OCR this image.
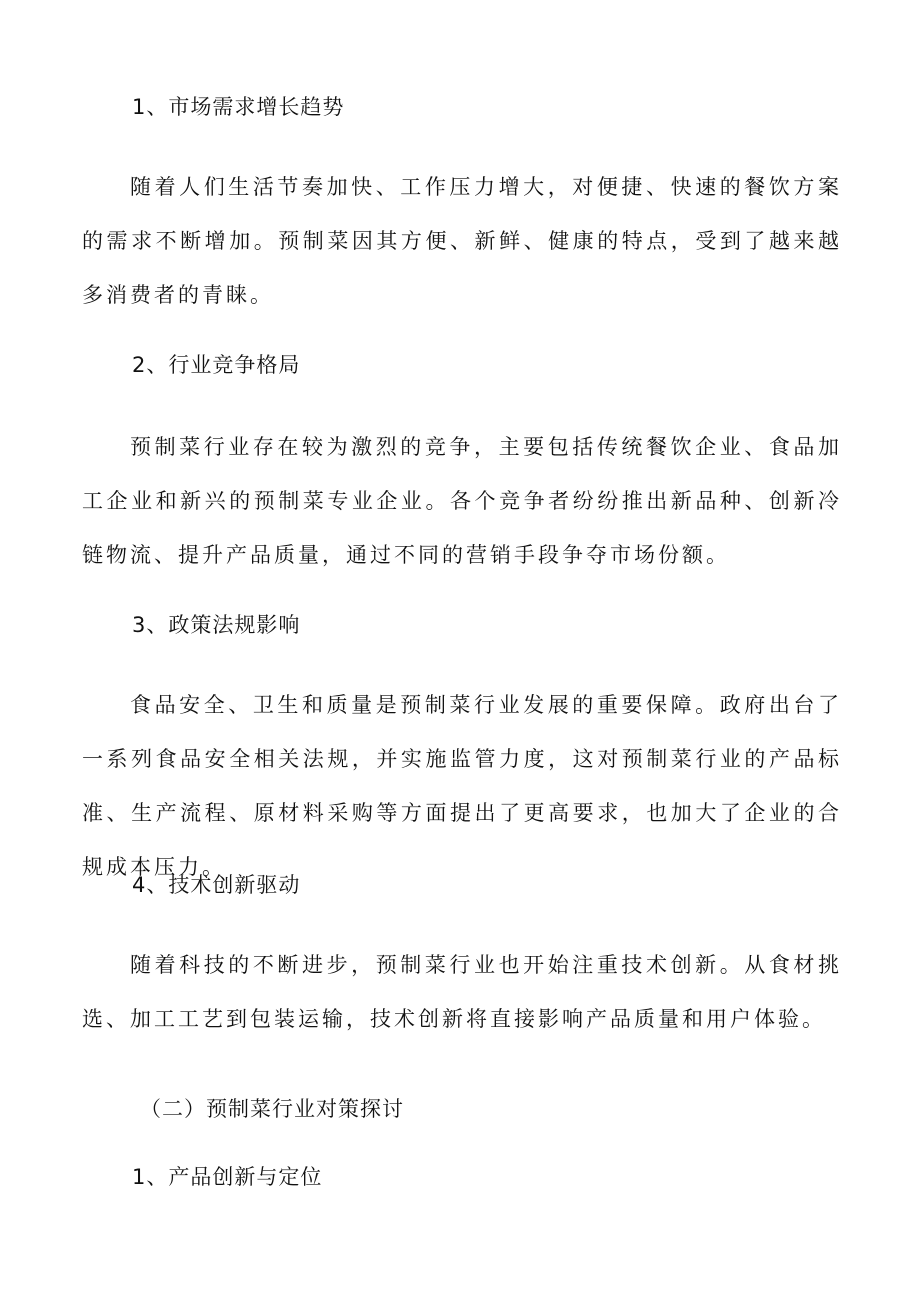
1、市场需求增长趋势
随着人们生活节奏加快、工作压力增大，对便捷、快速的餐饮方案的需求不断增加。预制菜因其方便、新鲜、健康的特点，受到了越来越多消费者的青睐。
2、行业竞争格局
预制菜行业存在较为激烈的竞争，主要包括传统餐饮企业、食品加工企业和新兴的预制菜专业企业。各个竞争者纷纷推出新品种、创新冷链物流、提升产品质量，通过不同的营销手段争夺市场份额。
3、政策法规影响
食品安全、卫生和质量是预制菜行业发展的重要保障。政府出台了一系列食品安全相关法规，并实施监管力度，这对预制菜行业的产品标准、生产流程、原材料采购等方面提出了更高要求，也加大了企业的合规成本压力。
4、技术创新驱动
随着科技的不断进步，预制菜行业也开始注重技术创新。从食材挑选、加工工艺到包装运输，技术创新将直接影响产品质量和用户体验。
（二）预制菜行业对策探讨
1、产品创新与定位
